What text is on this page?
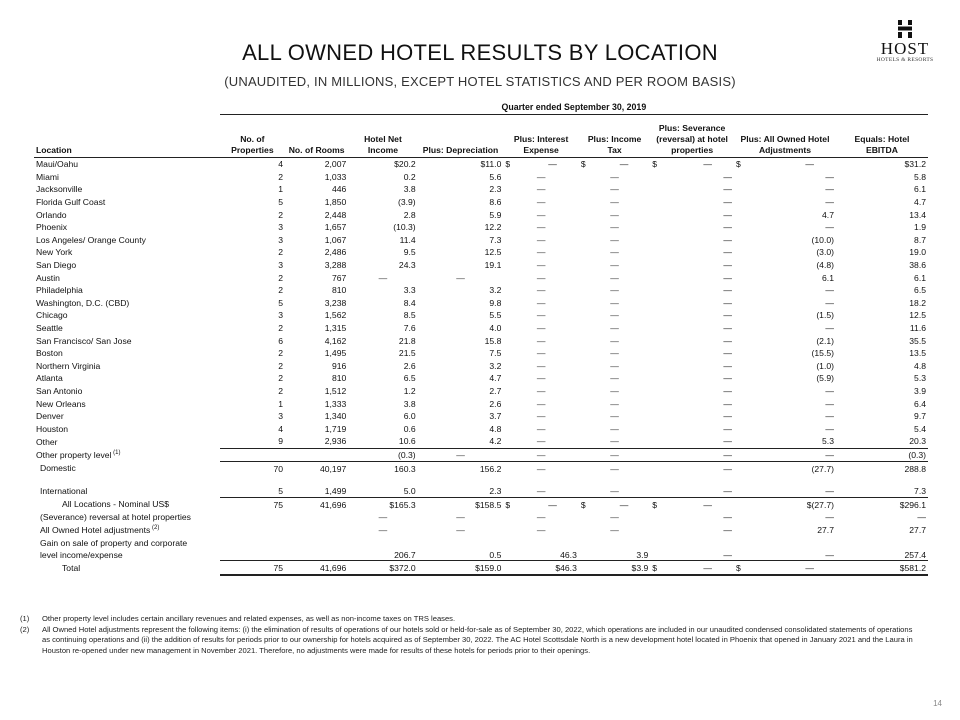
ALL OWNED HOTEL RESULTS BY LOCATION
(UNAUDITED, IN MILLIONS, EXCEPT HOTEL STATISTICS AND PER ROOM BASIS)
HOST
HOTELS & RESORTS
	Quarter ended September 30, 2019								
Location	No. of Properties	No. of Rooms	Hotel Net Income	Plus: Depreciation	Plus: Interest Expense	Plus: Income Tax	Plus: Severance (reversal) at hotel properties	Plus: All Owned Hotel Adjustments	Equals: Hotel EBITDA
Maui/Oahu	4	2,007	$20.2	$11.0	$ —	$ —	$ —	$ —	$31.2
Miami	2	1,033	0.2	5.6	—	—	—	—	5.8
Jacksonville	1	446	3.8	2.3	—	—	—	—	6.1
Florida Gulf Coast	5	1,850	(3.9)	8.6	—	—	—	—	4.7
Orlando	2	2,448	2.8	5.9	—	—	—	4.7	13.4
Phoenix	3	1,657	(10.3)	12.2	—	—	—	—	1.9
Los Angeles/ Orange County	3	1,067	11.4	7.3	—	—	—	(10.0)	8.7
New York	2	2,486	9.5	12.5	—	—	—	(3.0)	19.0
San Diego	3	3,288	24.3	19.1	—	—	—	(4.8)	38.6
Austin	2	767	—	—	—	—	—	6.1	6.1
Philadelphia	2	810	3.3	3.2	—	—	—	—	6.5
Washington, D.C. (CBD)	5	3,238	8.4	9.8	—	—	—	—	18.2
Chicago	3	1,562	8.5	5.5	—	—	—	(1.5)	12.5
Seattle	2	1,315	7.6	4.0	—	—	—	—	11.6
San Francisco/ San Jose	6	4,162	21.8	15.8	—	—	—	(2.1)	35.5
Boston	2	1,495	21.5	7.5	—	—	—	(15.5)	13.5
Northern Virginia	2	916	2.6	3.2	—	—	—	(1.0)	4.8
Atlanta	2	810	6.5	4.7	—	—	—	(5.9)	5.3
San Antonio	2	1,512	1.2	2.7	—	—	—	—	3.9
New Orleans	1	1,333	3.8	2.6	—	—	—	—	6.4
Denver	3	1,340	6.0	3.7	—	—	—	—	9.7
Houston	4	1,719	0.6	4.8	—	—	—	—	5.4
Other	9	2,936	10.6	4.2	—	—	—	5.3	20.3
Other property level $^{(1)}$			(0.3)	—	—	—	—	—	(0.3)
Domestic	70	40,197	160.3	156.2	—	—	—	(27.7)	288.8

International	5	1,499	5.0	2.3	—	—	—	—	7.3
All Locations - Nominal US$	75	41,696	$165.3	$158.5	$ —	$ —	$ —	$(27.7)	$296.1
(Severance) reversal at hotel properties			—	—	—	—	—	—	—
All Owned Hotel adjustments $^{(2)}$			—	—	—	—	—	27.7	27.7

Gain on sale of property and corporate
level income/expense			206.7	0.5	46.3	3.9	—	—	257.4
Total	75	41,696	$372.0	$159.0	$46.3	$3.9	$ —	$ —	$581.2
(1)	Other property level includes certain ancillary revenues and related expenses, as well as non-income taxes on TRS leases.
(2)	All Owned Hotel adjustments represent the following items: (i) the elimination of results of operations of our hotels sold or held-for-sale as of September 30, 2022, which operations are included in our unaudited condensed consolidated statements of operations as continuing operations and (ii) the addition of results for periods prior to our ownership for hotels acquired as of September 30, 2022. The AC Hotel Scottsdale North is a new development hotel located in Phoenix that opened in January 2021 and the Laura in Houston re-opened under new management in November 2021. Therefore, no adjustments were made for results of these hotels for periods prior to their openings.
14
